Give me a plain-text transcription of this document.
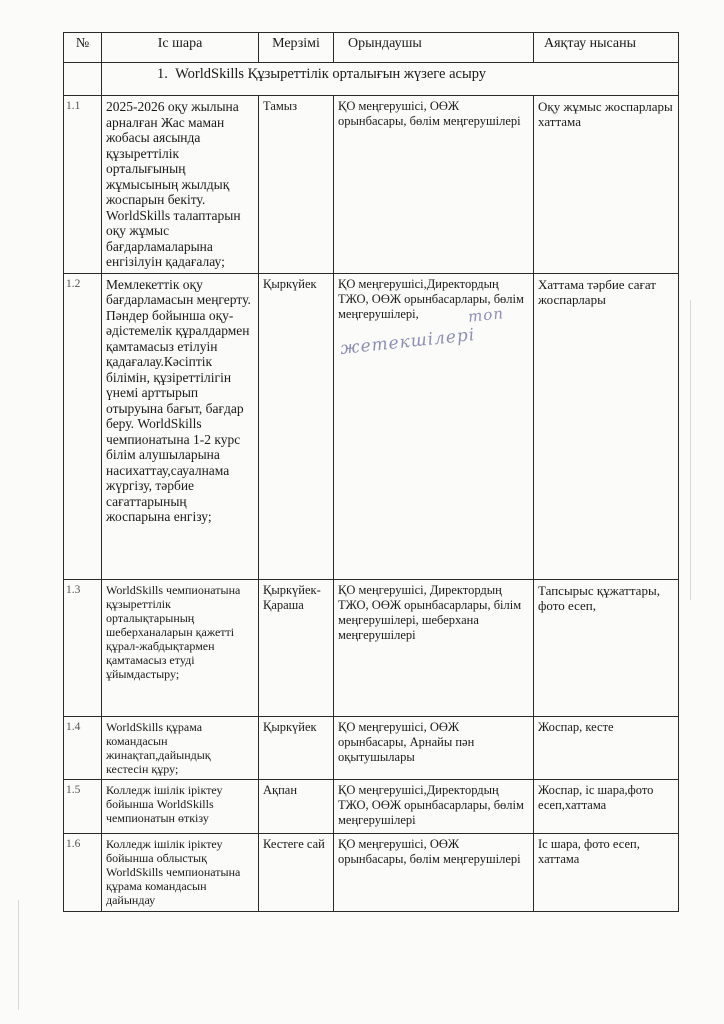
№	Іс шара	Мерзімі	Орындаушы	Аяқтау нысаны
	1.  WorldSkills Құзыреттілік орталығын жүзеге асыру			
1.1	2025-2026 оқу жылына арналған Жас маман жобасы аясында құзыреттілік орталығының жұмысының жылдық жоспарын бекіту. WorldSkills талаптарын оқу жұмыс бағдарламаларына енгізілуін қадағалау;	Тамыз	ҚО меңгерушісі, ОӨЖ орынбасары, бөлім меңгерушілері	Оқу жұмыс жоспарлары хаттама
1.2	Мемлекеттік оқу бағдарламасын меңгерту. Пәндер бойынша оқу-әдістемелік құралдармен қамтамасыз етілуін қадағалау.Кәсіптік білімін, құзіреттілігін үнемі арттырып отыруына бағыт, бағдар беру. WorldSkills чемпионатына 1-2 курс білім алушыларына насихаттау,сауалнама жүргізу, тәрбие сағаттарының жоспарына енгізу;	Қыркүйек	ҚО меңгерушісі,Директордың ТЖО, ОӨЖ орынбасарлары, бөлім меңгерушілері,	Хаттама тәрбие сағат жоспарлары
1.3	WorldSkills чемпионатына құзыреттілік орталықтарының шеберханаларын қажетті құрал-жабдықтармен қамтамасыз етуді ұйымдастыру;	Қыркүйек-Қараша	ҚО меңгерушісі, Директордың ТЖО, ОӨЖ орынбасарлары, білім меңгерушілері, шеберхана меңгерушілері	Тапсырыс құжаттары, фото есеп,
1.4	WorldSkills құрама командасын жинақтап,дайындық кестесін құру;	Қыркүйек	ҚО меңгерушісі, ОӨЖ орынбасары, Арнайы пән оқытушылары	Жоспар, кесте
1.5	Колледж ішілік іріктеу бойынша WorldSkills чемпионатын өткізу	Ақпан	ҚО меңгерушісі,Директордың ТЖО, ОӨЖ орынбасарлары, бөлім меңгерушілері	Жоспар, іс шара,фото есеп,хаттама
1.6	Колледж ішілік іріктеу бойынша облыстық WorldSkills чемпионатына құрама командасын дайындау	Кестеге сай	ҚО меңгерушісі, ОӨЖ орынбасары, бөлім меңгерушілері	Іс шара, фото есеп, хаттама
топ
жетекшілері
